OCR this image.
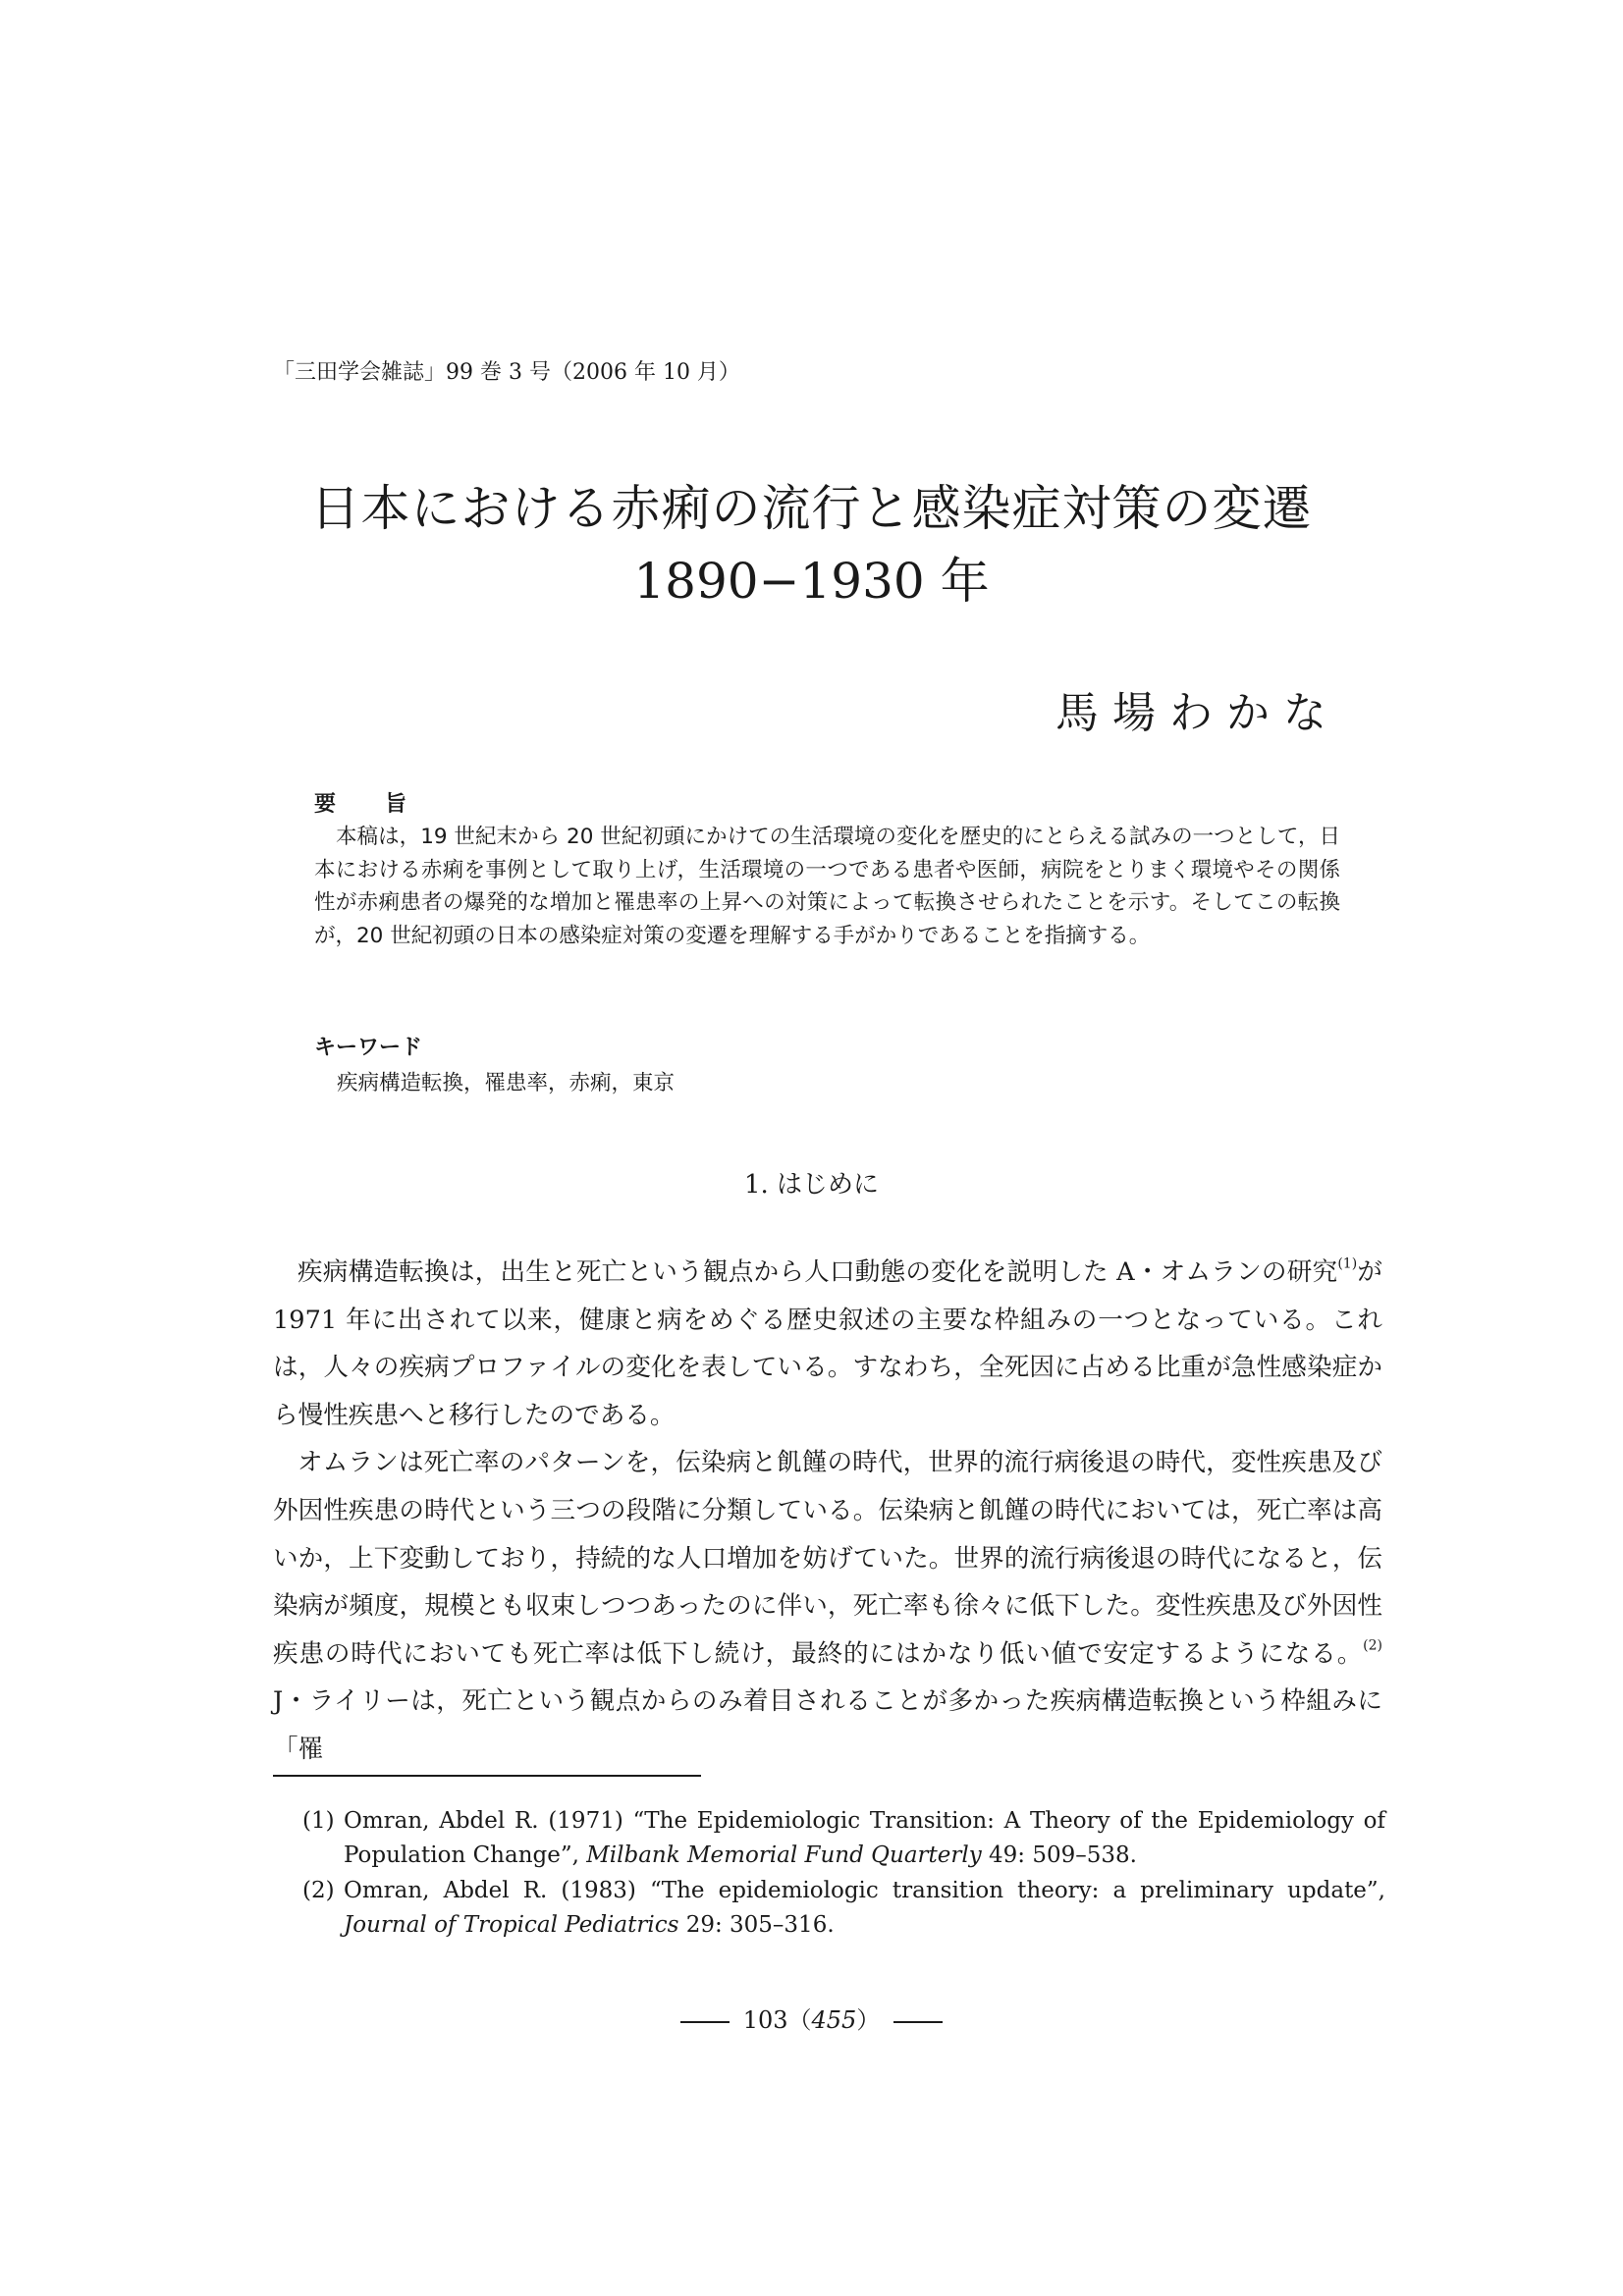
「三田学会雑誌」99 巻 3 号（2006 年 10 月）
日本における赤痢の流行と感染症対策の変遷
1890−1930 年
馬場わかな
要 旨
本稿は，19 世紀末から 20 世紀初頭にかけての生活環境の変化を歴史的にとらえる試みの一つとして，日本における赤痢を事例として取り上げ，生活環境の一つである患者や医師，病院をとりまく環境やその関係性が赤痢患者の爆発的な増加と罹患率の上昇への対策によって転換させられたことを示す。そしてこの転換が，20 世紀初頭の日本の感染症対策の変遷を理解する手がかりであることを指摘する。
キーワード
疾病構造転換，罹患率，赤痢，東京
1. はじめに

疾病構造転換は，出生と死亡という観点から人口動態の変化を説明した A・オムランの研究$^{(1)}$が 1971 年に出されて以来，健康と病をめぐる歴史叙述の主要な枠組みの一つとなっている。これは，人々の疾病プロファイルの変化を表している。すなわち，全死因に占める比重が急性感染症から慢性疾患へと移行したのである。

オムランは死亡率のパターンを，伝染病と飢饉の時代，世界的流行病後退の時代，変性疾患及び外因性疾患の時代という三つの段階に分類している。伝染病と飢饉の時代においては，死亡率は高いか，上下変動しており，持続的な人口増加を妨げていた。世界的流行病後退の時代になると，伝染病が頻度，規模とも収束しつつあったのに伴い，死亡率も徐々に低下した。変性疾患及び外因性疾患の時代においても死亡率は低下し続け，最終的にはかなり低い値で安定するようになる。$^{(2)}$ J・ライリーは，死亡という観点からのみ着目されることが多かった疾病構造転換という枠組みに「罹

(1) Omran, Abdel R. (1971) “The Epidemiologic Transition: A Theory of the Epidemiology of Population Change”, Milbank Memorial Fund Quarterly 49: 509–538.
(2) Omran, Abdel R. (1983) “The epidemiologic transition theory: a preliminary update”, Journal of Tropical Pediatrics 29: 305–316.
103（455）
